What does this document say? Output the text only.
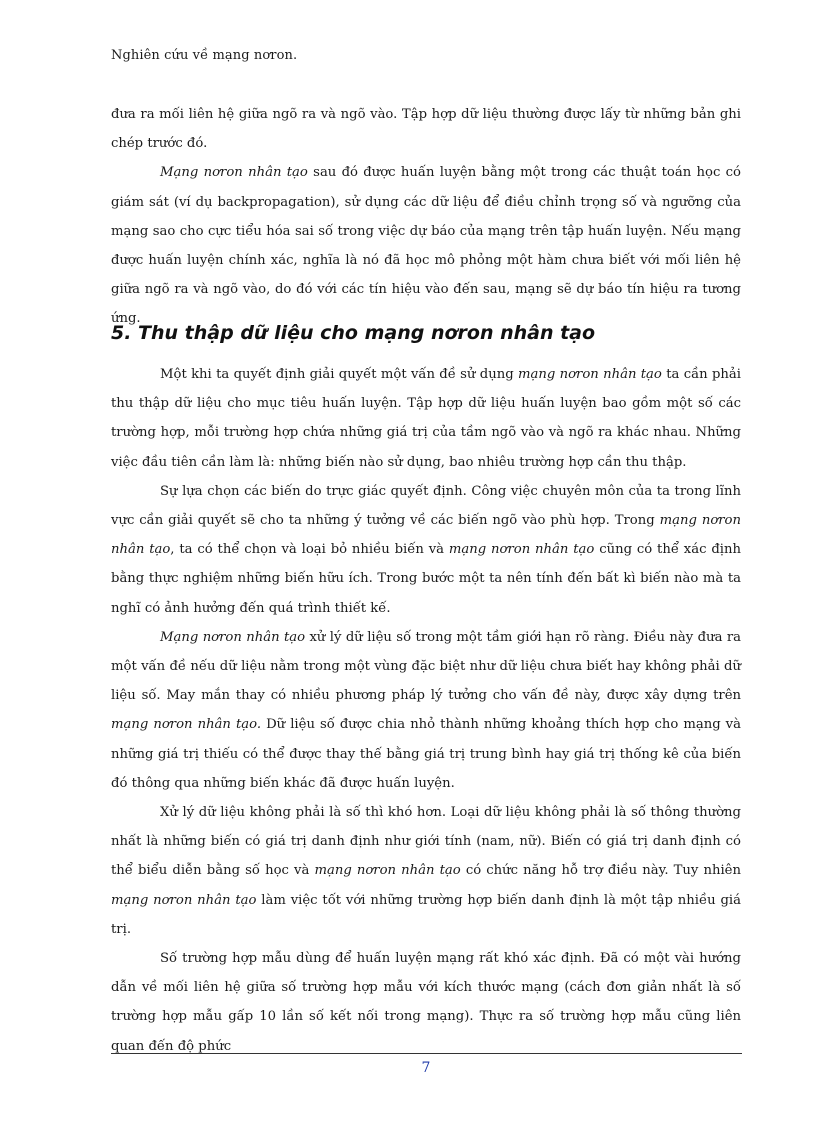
Nghiên cứu về mạng nơron.

đưa ra mối liên hệ giữa ngõ ra và ngõ vào. Tập hợp dữ liệu thường được lấy từ những bản ghi chép trước đó.

Mạng nơron nhân tạo sau đó được huấn luyện bằng một trong các thuật toán học có giám sát (ví dụ backpropagation), sử dụng các dữ liệu để điều chỉnh trọng số và ngưỡng của mạng sao cho cực tiểu hóa sai số trong việc dự báo của mạng trên tập huấn luyện. Nếu mạng được huấn luyện chính xác, nghĩa là nó đã học mô phỏng một hàm chưa biết với mối liên hệ giữa ngõ ra và ngõ vào, do đó với các tín hiệu vào đến sau, mạng sẽ dự báo tín hiệu ra tương ứng.

5. Thu thập dữ liệu cho mạng nơron nhân tạo

Một khi ta quyết định giải quyết một vấn đề sử dụng mạng nơron nhân tạo ta cần phải thu thập dữ liệu cho mục tiêu huấn luyện. Tập hợp dữ liệu huấn luyện bao gồm một số các trường hợp, mỗi trường hợp chứa những giá trị của tầm ngõ vào và ngõ ra khác nhau. Những việc đầu tiên cần làm là: những biến nào sử dụng, bao nhiêu trường hợp cần thu thập.

Sự lựa chọn các biến do trực giác quyết định. Công việc chuyên môn của ta trong lĩnh vực cần giải quyết sẽ cho ta những ý tưởng về các biến ngõ vào phù hợp. Trong mạng nơron nhân tạo, ta có thể chọn và loại bỏ nhiều biến và mạng nơron nhân tạo cũng có thể xác định bằng thực nghiệm những biến hữu ích. Trong bước một ta nên tính đến bất kì biến nào mà ta nghĩ có ảnh hưởng đến quá trình thiết kế.

Mạng nơron nhân tạo xử lý dữ liệu số trong một tầm giới hạn rõ ràng. Điều này đưa ra một vấn đề nếu dữ liệu nằm trong một vùng đặc biệt như dữ liệu chưa biết hay không phải dữ liệu số. May mắn thay có nhiều phương pháp lý tưởng cho vấn đề này, được xây dựng trên mạng nơron nhân tạo. Dữ liệu số được chia nhỏ thành những khoảng thích hợp cho mạng và những giá trị thiếu có thể được thay thế bằng giá trị trung bình hay giá trị thống kê của biến đó thông qua những biến khác đã được huấn luyện.

Xử lý dữ liệu không phải là số thì khó hơn. Loại dữ liệu không phải là số thông thường nhất là những biến có giá trị danh định như giới tính (nam, nữ). Biến có giá trị danh định có thể biểu diễn bằng số học và mạng nơron nhân tạo có chức năng hỗ trợ điều này. Tuy nhiên mạng nơron nhân tạo làm việc tốt với những trường hợp biến danh định là một tập nhiều giá trị.

Số trường hợp mẫu dùng để huấn luyện mạng rất khó xác định. Đã có một vài hướng dẫn về mối liên hệ giữa số trường hợp mẫu với kích thước mạng (cách đơn giản nhất là số trường hợp mẫu gấp 10 lần số kết nối trong mạng). Thực ra số trường hợp mẫu cũng liên quan đến độ phức

7
